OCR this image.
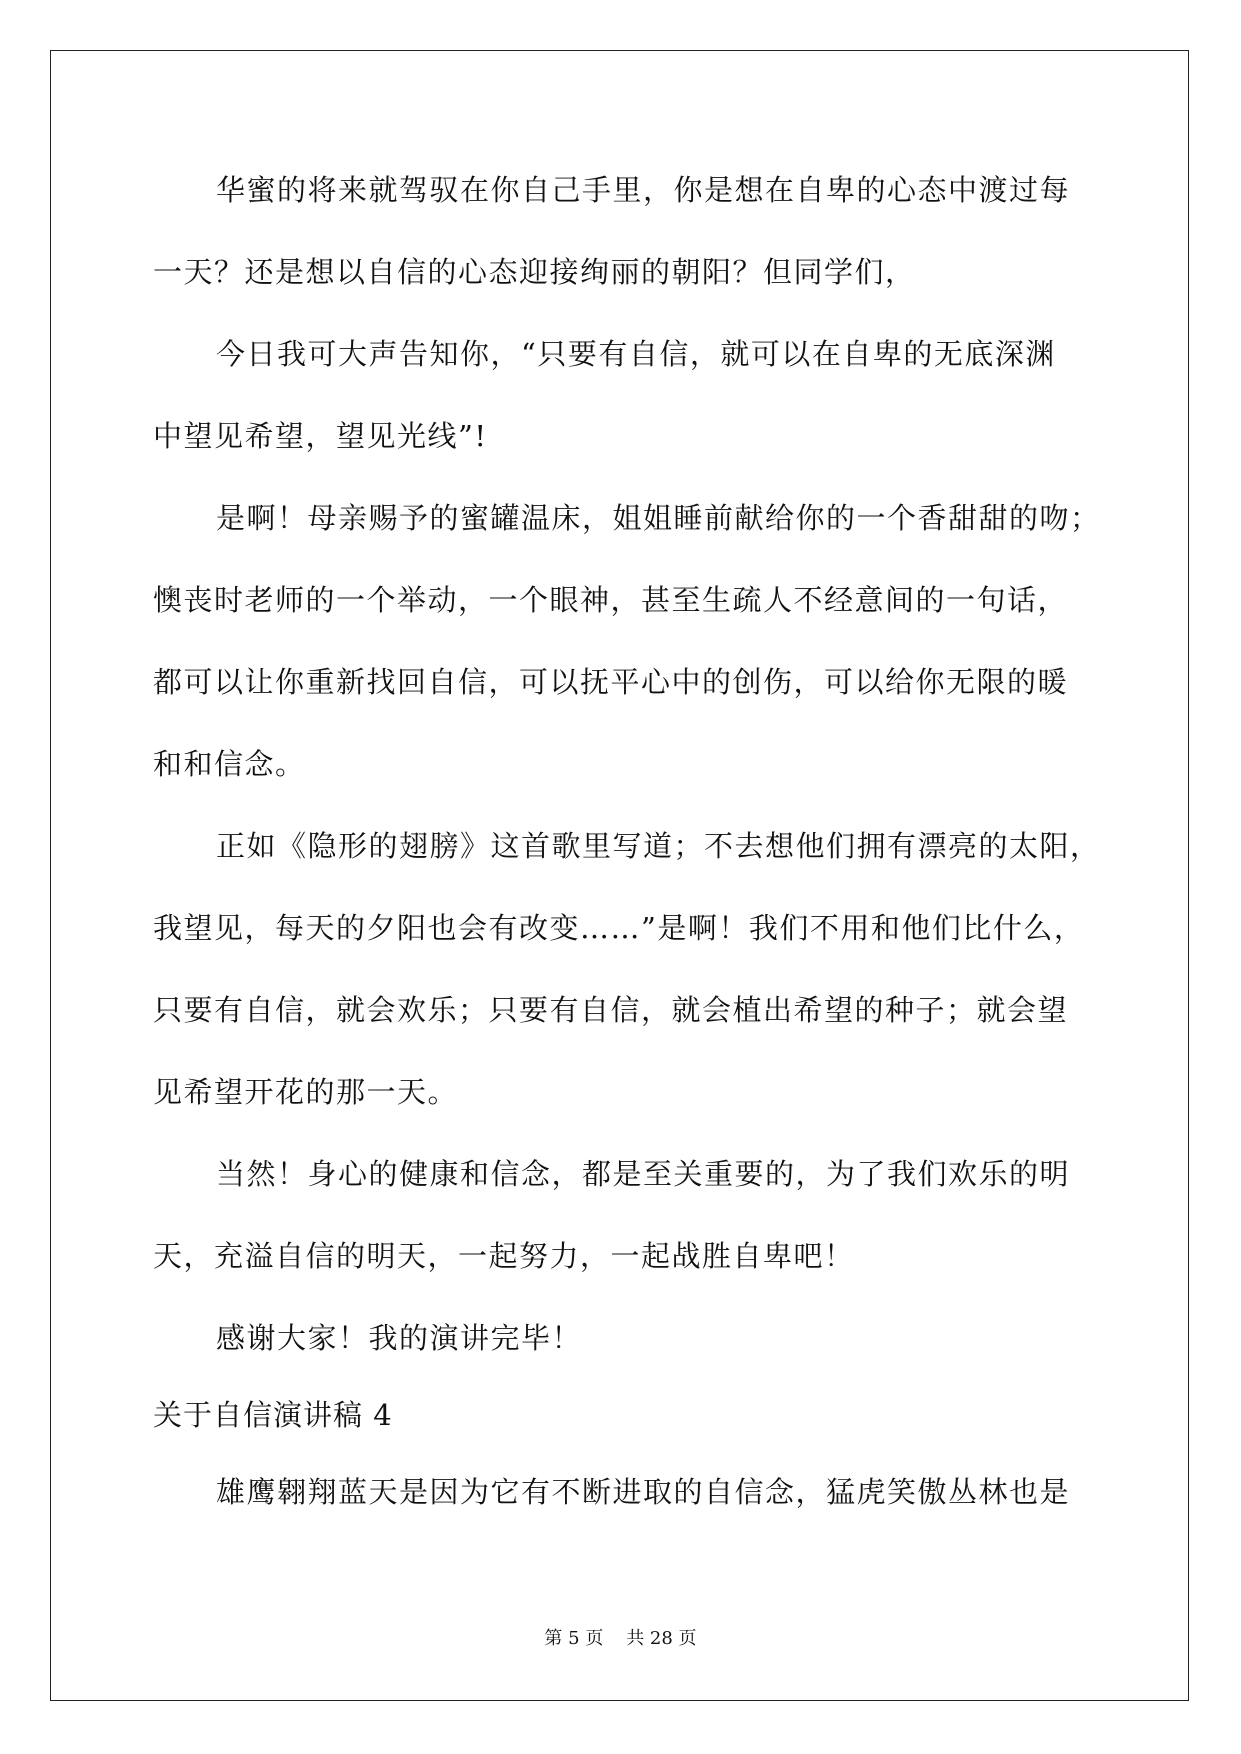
华蜜的将来就驾驭在你自己手里，你是想在自卑的心态中渡过每
一天？还是想以自信的心态迎接绚丽的朝阳？但同学们，
今日我可大声告知你，“只要有自信，就可以在自卑的无底深渊
中望见希望，望见光线”!
是啊！母亲赐予的蜜罐温床，姐姐睡前献给你的一个香甜甜的吻；
懊丧时老师的一个举动，一个眼神，甚至生疏人不经意间的一句话，
都可以让你重新找回自信，可以抚平心中的创伤，可以给你无限的暖
和和信念。
正如《隐形的翅膀》这首歌里写道；不去想他们拥有漂亮的太阳，
我望见，每天的夕阳也会有改变……”是啊！我们不用和他们比什么，
只要有自信，就会欢乐；只要有自信，就会植出希望的种子；就会望
见希望开花的那一天。
当然！身心的健康和信念，都是至关重要的，为了我们欢乐的明
天，充溢自信的明天，一起努力，一起战胜自卑吧！
感谢大家！我的演讲完毕！
关于自信演讲稿 4
雄鹰翱翔蓝天是因为它有不断进取的自信念，猛虎笑傲丛林也是
第 5 页    共 28 页
